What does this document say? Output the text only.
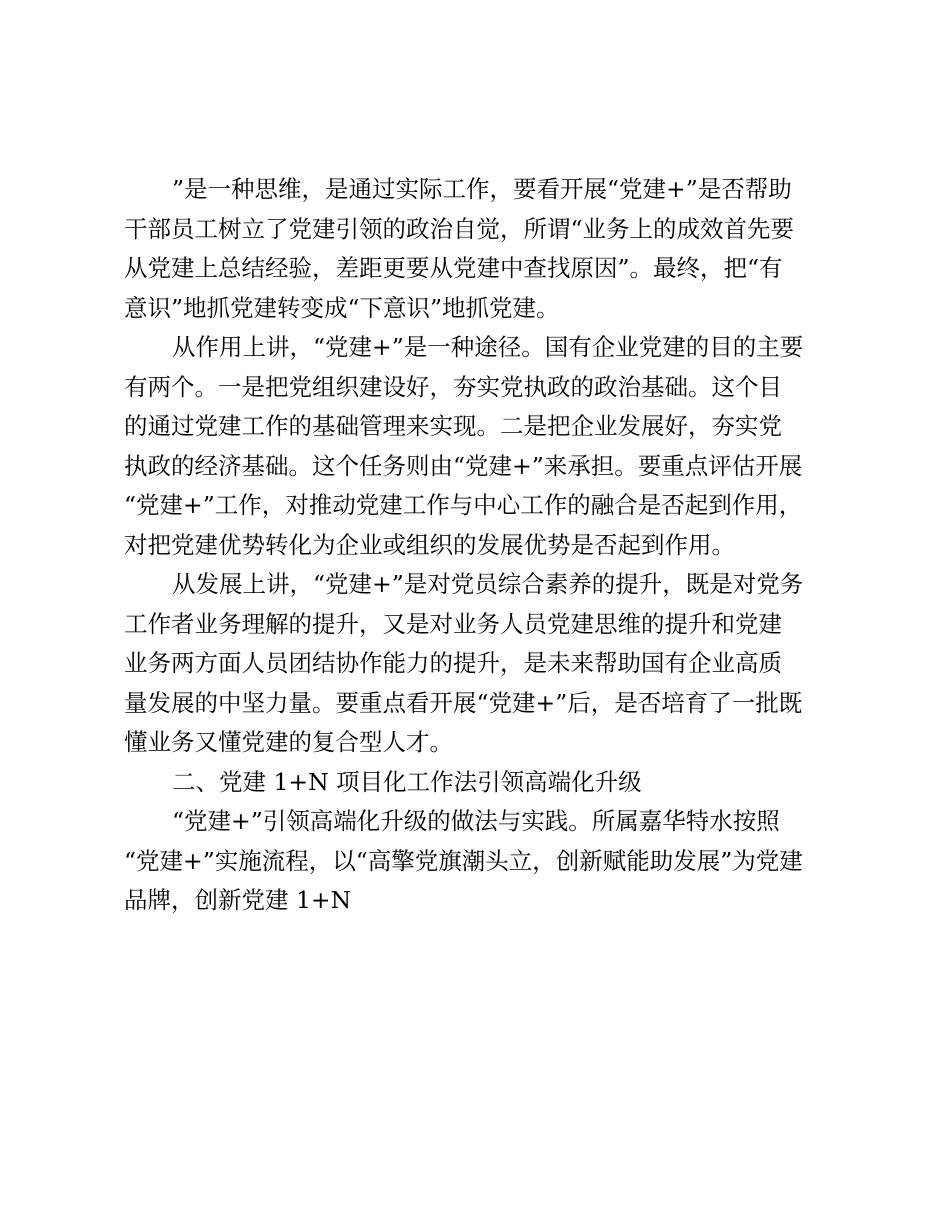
”是一种思维，是通过实际工作，要看开展“党建+”是否帮助
干部员工树立了党建引领的政治自觉，所谓“业务上的成效首先要
从党建上总结经验，差距更要从党建中查找原因”。最终，把“有
意识”地抓党建转变成“下意识”地抓党建。
从作用上讲，“党建+”是一种途径。国有企业党建的目的主要
有两个。一是把党组织建设好，夯实党执政的政治基础。这个目
的通过党建工作的基础管理来实现。二是把企业发展好，夯实党
执政的经济基础。这个任务则由“党建+”来承担。要重点评估开展
“党建+”工作，对推动党建工作与中心工作的融合是否起到作用，
对把党建优势转化为企业或组织的发展优势是否起到作用。
从发展上讲，“党建+”是对党员综合素养的提升，既是对党务
工作者业务理解的提升，又是对业务人员党建思维的提升和党建
业务两方面人员团结协作能力的提升，是未来帮助国有企业高质
量发展的中坚力量。要重点看开展“党建+”后，是否培育了一批既
懂业务又懂党建的复合型人才。
二、党建 1+N 项目化工作法引领高端化升级
“党建+”引领高端化升级的做法与实践。所属嘉华特水按照
“党建+”实施流程，以“高擎党旗潮头立，创新赋能助发展”为党建
品牌，创新党建 1+N
